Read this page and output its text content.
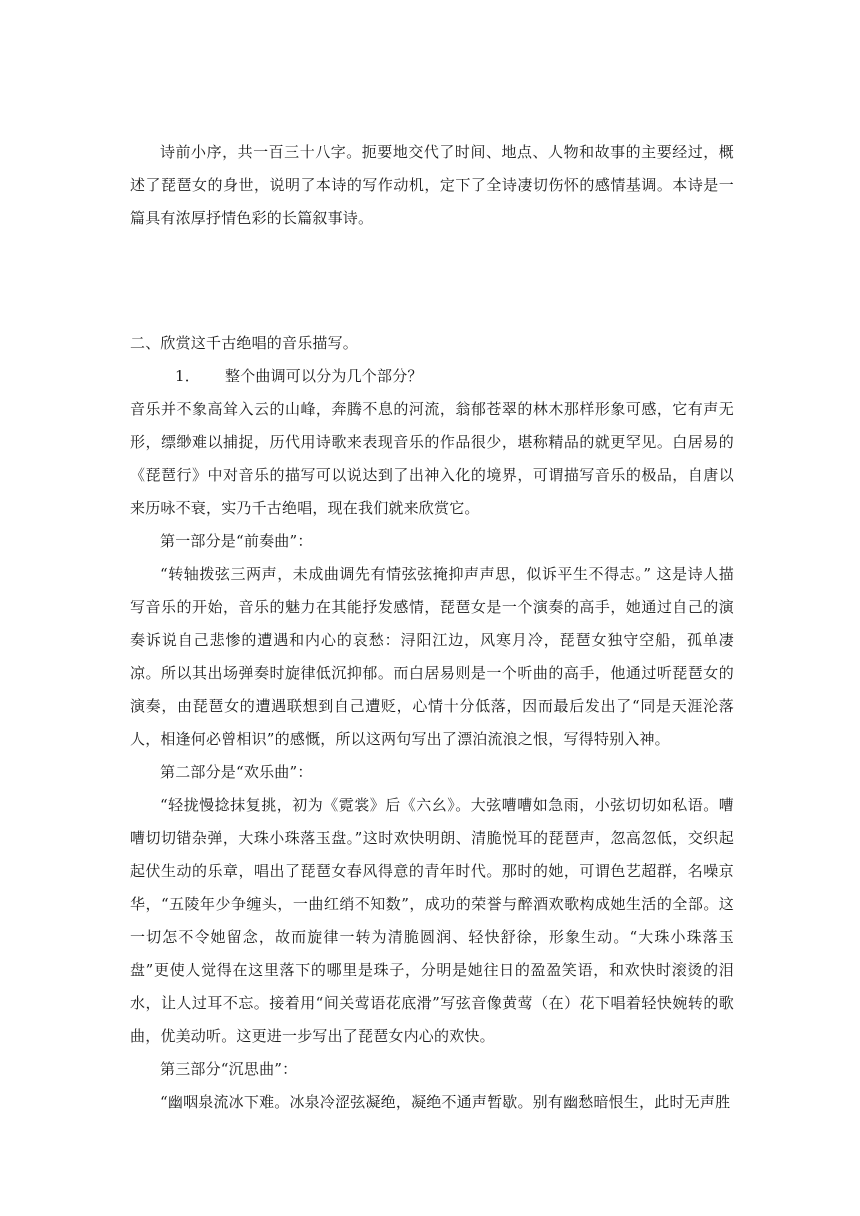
诗前小序，共一百三十八字。扼要地交代了时间、地点、人物和故事的主要经过，概述了琵琶女的身世，说明了本诗的写作动机，定下了全诗凄切伤怀的感情基调。本诗是一篇具有浓厚抒情色彩的长篇叙事诗。

二、欣赏这千古绝唱的音乐描写。

1． 整个曲调可以分为几个部分？

音乐并不象高耸入云的山峰，奔腾不息的河流，翁郁苍翠的林木那样形象可感，它有声无形，缥缈难以捕捉，历代用诗歌来表现音乐的作品很少，堪称精品的就更罕见。白居易的《琵琶行》中对音乐的描写可以说达到了出神入化的境界，可谓描写音乐的极品，自唐以来历咏不衰，实乃千古绝唱，现在我们就来欣赏它。

第一部分是“前奏曲”：

“转轴拨弦三两声，未成曲调先有情弦弦掩抑声声思，似诉平生不得志。” 这是诗人描写音乐的开始，音乐的魅力在其能抒发感情，琵琶女是一个演奏的高手，她通过自己的演奏诉说自己悲惨的遭遇和内心的哀愁：浔阳江边，风寒月冷，琵琶女独守空船，孤单凄凉。所以其出场弹奏时旋律低沉抑郁。而白居易则是一个听曲的高手，他通过听琵琶女的演奏，由琵琶女的遭遇联想到自己遭贬，心情十分低落，因而最后发出了“同是天涯沦落人，相逢何必曾相识”的感慨，所以这两句写出了漂泊流浪之恨，写得特别入神。

第二部分是“欢乐曲”：

“轻拢慢捻抹复挑，初为《霓裳》后《六幺》。大弦嘈嘈如急雨，小弦切切如私语。嘈嘈切切错杂弹，大珠小珠落玉盘。”这时欢快明朗、清脆悦耳的琵琶声，忽高忽低，交织起起伏生动的乐章，唱出了琵琶女春风得意的青年时代。那时的她，可谓色艺超群，名噪京华，“五陵年少争缠头，一曲红绡不知数”，成功的荣誉与醉酒欢歌构成她生活的全部。这一切怎不令她留念，故而旋律一转为清脆圆润、轻快舒徐，形象生动。“大珠小珠落玉盘”更使人觉得在这里落下的哪里是珠子，分明是她往日的盈盈笑语，和欢快时滚烫的泪水，让人过耳不忘。接着用“间关莺语花底滑”写弦音像黄莺（在）花下唱着轻快婉转的歌曲，优美动听。这更进一步写出了琵琶女内心的欢快。

第三部分“沉思曲”：

“幽咽泉流冰下难。冰泉冷涩弦凝绝，凝绝不通声暂歇。别有幽愁暗恨生，此时无声胜
